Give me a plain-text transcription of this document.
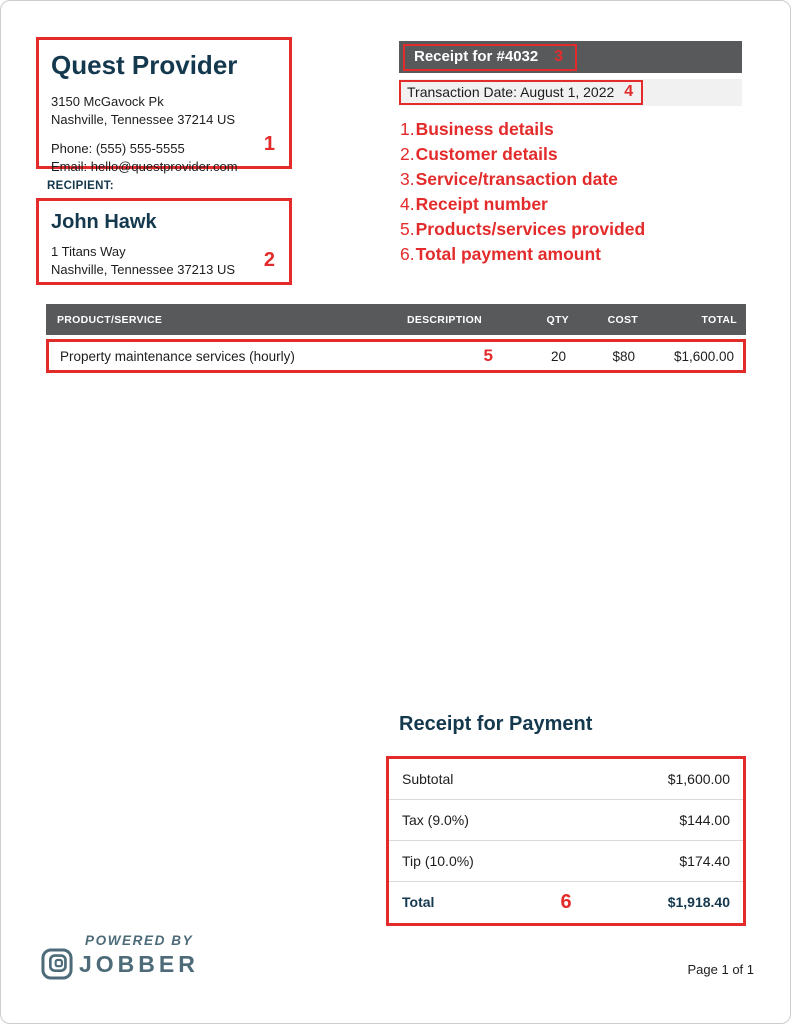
Quest Provider
3150 McGavock Pk
Nashville, Tennessee 37214 US
Phone: (555) 555-5555
Email: hello@questprovider.com
1
RECIPIENT:
John Hawk
1 Titans Way
Nashville, Tennessee 37213 US	2
Receipt for #4032 3
Transaction Date: August 1, 2022 4
1. Business details
2. Customer details
3. Service/transaction date
4. Receipt number
5. Products/services provided
6. Total payment amount
PRODUCT/SERVICE	DESCRIPTION	QTY	COST	TOTAL
Property maintenance services (hourly)	5	20	$80	$1,600.00
Receipt for Payment
Subtotal	$1,600.00
Tax (9.0%)	$144.00
Tip (10.0%)	$174.40
Total	6	$1,918.40
POWERED BY
JOBBER	Page 1 of 1
